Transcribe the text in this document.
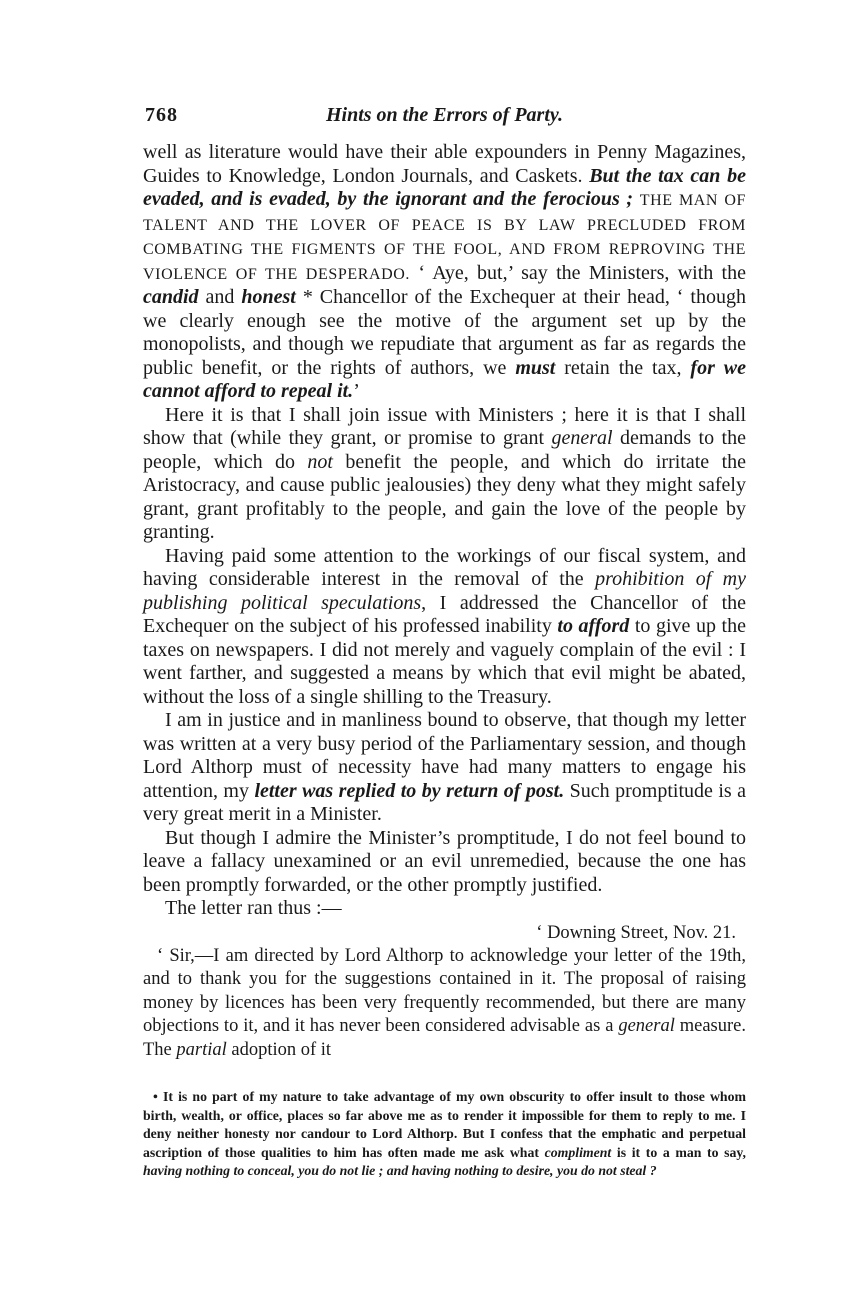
768	Hints on the Errors of Party.

well as literature would have their able expounders in Penny Magazines, Guides to Knowledge, London Journals, and Caskets. But the tax can be evaded, and is evaded, by the ignorant and the ferocious ; THE MAN OF TALENT AND THE LOVER OF PEACE IS BY LAW PRECLUDED FROM COMBATING THE FIGMENTS OF THE FOOL, AND FROM REPROVING THE VIOLENCE OF THE DESPERADO. ‘ Aye, but,’ say the Ministers, with the candid and honest * Chancellor of the Exchequer at their head, ‘ though we clearly enough see the motive of the argument set up by the monopolists, and though we repudiate that argument as far as regards the public benefit, or the rights of authors, we must retain the tax, for we cannot afford to repeal it.’

Here it is that I shall join issue with Ministers ; here it is that I shall show that (while they grant, or promise to grant general demands to the people, which do not benefit the people, and which do irritate the Aristocracy, and cause public jealousies) they deny what they might safely grant, grant profitably to the people, and gain the love of the people by granting.

Having paid some attention to the workings of our fiscal system, and having considerable interest in the removal of the prohibition of my publishing political speculations, I addressed the Chancellor of the Exchequer on the subject of his professed inability to afford to give up the taxes on newspapers. I did not merely and vaguely complain of the evil : I went farther, and suggested a means by which that evil might be abated, without the loss of a single shilling to the Treasury.

I am in justice and in manliness bound to observe, that though my letter was written at a very busy period of the Parliamentary session, and though Lord Althorp must of necessity have had many matters to engage his attention, my letter was replied to by return of post. Such promptitude is a very great merit in a Minister.

But though I admire the Minister’s promptitude, I do not feel bound to leave a fallacy unexamined or an evil unremedied, because the one has been promptly forwarded, or the other promptly justified.

The letter ran thus :—

‘ Downing Street, Nov. 21.

‘ Sir,—I am directed by Lord Althorp to acknowledge your letter of the 19th, and to thank you for the suggestions contained in it. The proposal of raising money by licences has been very frequently recommended, but there are many objections to it, and it has never been considered advisable as a general measure. The partial adoption of it

• It is no part of my nature to take advantage of my own obscurity to offer insult to those whom birth, wealth, or office, places so far above me as to render it impossible for them to reply to me. I deny neither honesty nor candour to Lord Althorp. But I confess that the emphatic and perpetual ascription of those qualities to him has often made me ask what compliment is it to a man to say, having nothing to conceal, you do not lie ; and having nothing to desire, you do not steal ?
